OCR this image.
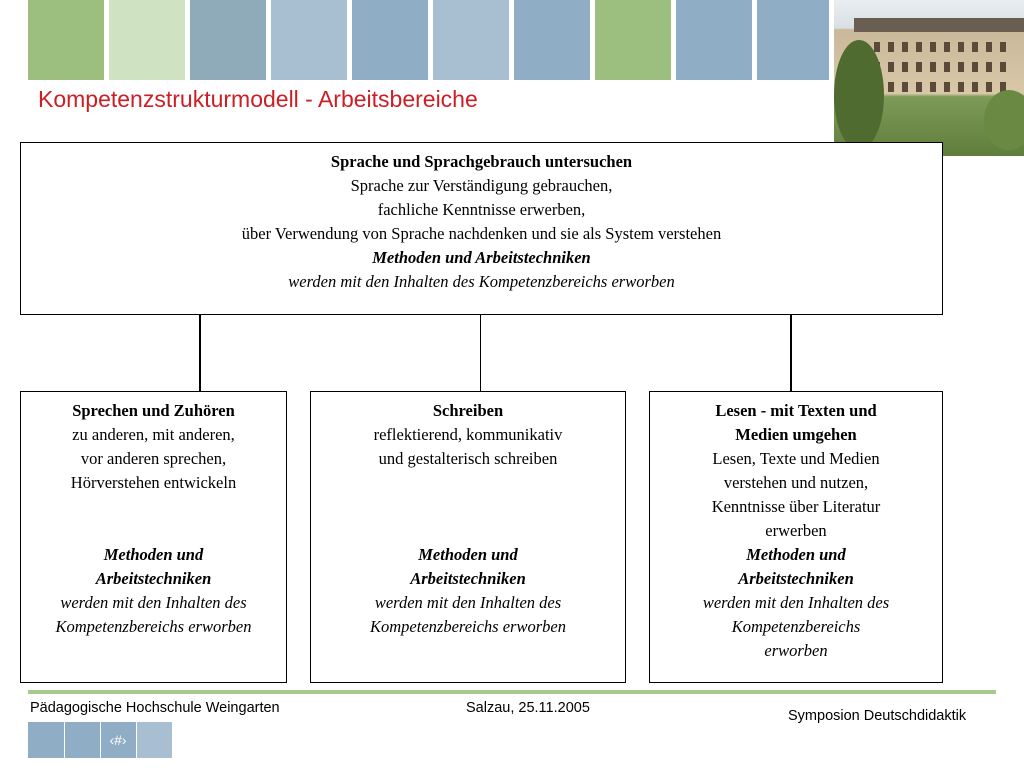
Kompetenzstrukturmodell - Arbeitsbereiche
Sprache und Sprachgebrauch untersuchen
Sprache zur Verständigung gebrauchen,
fachliche Kenntnisse erwerben,
über Verwendung von Sprache nachdenken und sie als System verstehen
Methoden und Arbeitstechniken
werden mit den Inhalten des Kompetenzbereichs erworben
Sprechen und Zuhören
zu anderen, mit anderen,
vor anderen sprechen,
Hörverstehen entwickeln
Methoden und
Arbeitstechniken
werden mit den Inhalten des
Kompetenzbereichs erworben
Schreiben
reflektierend, kommunikativ
und gestalterisch schreiben
Methoden und
Arbeitstechniken
werden mit den Inhalten des
Kompetenzbereichs erworben
Lesen - mit Texten und
Medien umgehen
Lesen, Texte und Medien
verstehen und nutzen,
Kenntnisse über Literatur
erwerben
Methoden und
Arbeitstechniken
werden mit den Inhalten des
Kompetenzbereichs
erworben
Pädagogische Hochschule Weingarten	Salzau, 25.11.2005	Symposion Deutschdidaktik
‹#›
